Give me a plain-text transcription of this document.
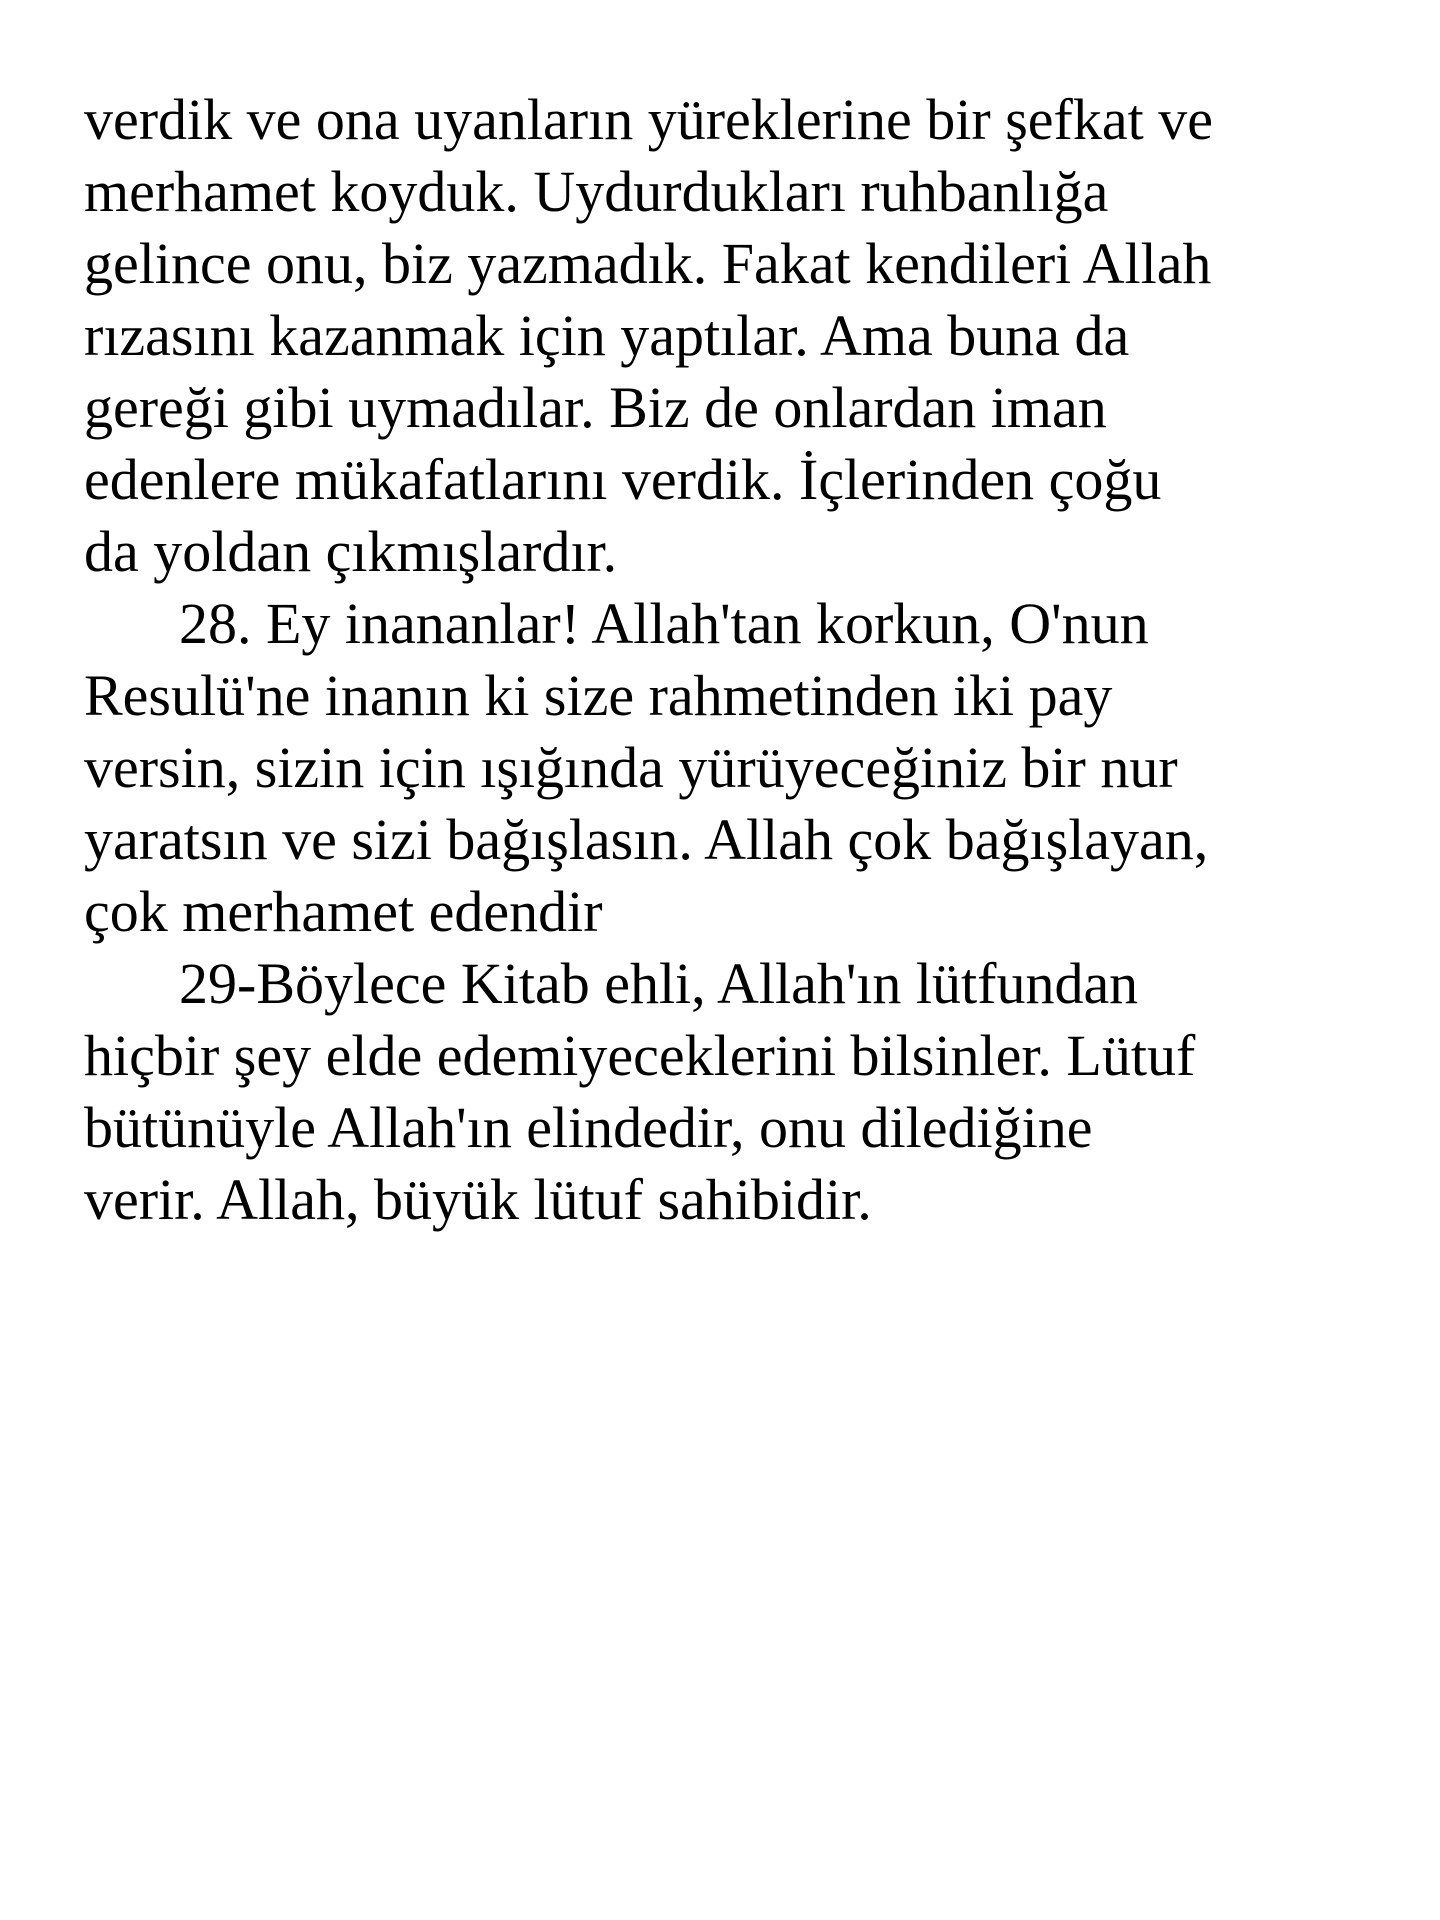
verdik ve ona uyanların yüreklerine bir şefkat ve
merhamet koyduk. Uydurdukları ruhbanlığa
gelince onu, biz yazmadık. Fakat kendileri Allah
rızasını kazanmak için yaptılar. Ama buna da
gereği gibi uymadılar. Biz de onlardan iman
edenlere mükafatlarını verdik. İçlerinden çoğu
da yoldan çıkmışlardır.
28. Ey inananlar! Allah'tan korkun, O'nun
Resulü'ne inanın ki size rahmetinden iki pay
versin, sizin için ışığında yürüyeceğiniz bir nur
yaratsın ve sizi bağışlasın. Allah çok bağışlayan,
çok merhamet edendir
29-Böylece Kitab ehli, Allah'ın lütfundan
hiçbir şey elde edemiyeceklerini bilsinler. Lütuf
bütünüyle Allah'ın elindedir, onu dilediğine
verir. Allah, büyük lütuf sahibidir.
